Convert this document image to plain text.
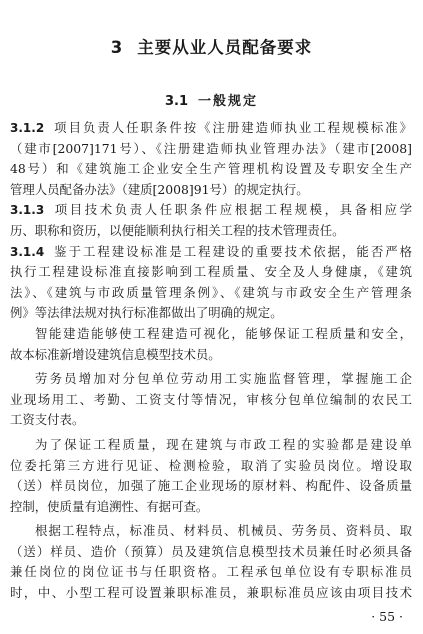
3 主要从业人员配备要求
3.1 一般规定
3.1.2 项目负责人任职条件按《注册建造师执业工程规模标准》
（建市[2007]171号）、《注册建造师执业管理办法》（建市[2008]
48号）和《建筑施工企业安全生产管理机构设置及专职安全生产
管理人员配备办法》（建质[2008]91号）的规定执行。
3.1.3 项目技术负责人任职条件应根据工程规模，具备相应学
历、职称和资历，以便能顺利执行相关工程的技术管理责任。
3.1.4 鉴于工程建设标准是工程建设的重要技术依据，能否严格
执行工程建设标准直接影响到工程质量、安全及人身健康，《建筑
法》、《建筑与市政质量管理条例》、《建筑与市政安全生产管理条
例》等法律法规对执行标准都做出了明确的规定。
智能建造能够使工程建造可视化，能够保证工程质量和安全，
故本标准新增设建筑信息模型技术员。
劳务员增加对分包单位劳动用工实施监督管理，掌握施工企
业现场用工、考勤、工资支付等情况，审核分包单位编制的农民工
工资支付表。
为了保证工程质量，现在建筑与市政工程的实验都是建设单
位委托第三方进行见证、检测检验，取消了实验员岗位。增设取
（送）样员岗位，加强了施工企业现场的原材料、构配件、设备质量
控制，使质量有追溯性、有据可查。
根据工程特点，标准员、材料员、机械员、劳务员、资料员、取
（送）样员、造价（预算）员及建筑信息模型技术员兼任时必须具备
兼任岗位的岗位证书与任职资格。工程承包单位设有专职标准员
时，中、小型工程可设置兼职标准员，兼职标准员应该由项目技术
· 55 ·
